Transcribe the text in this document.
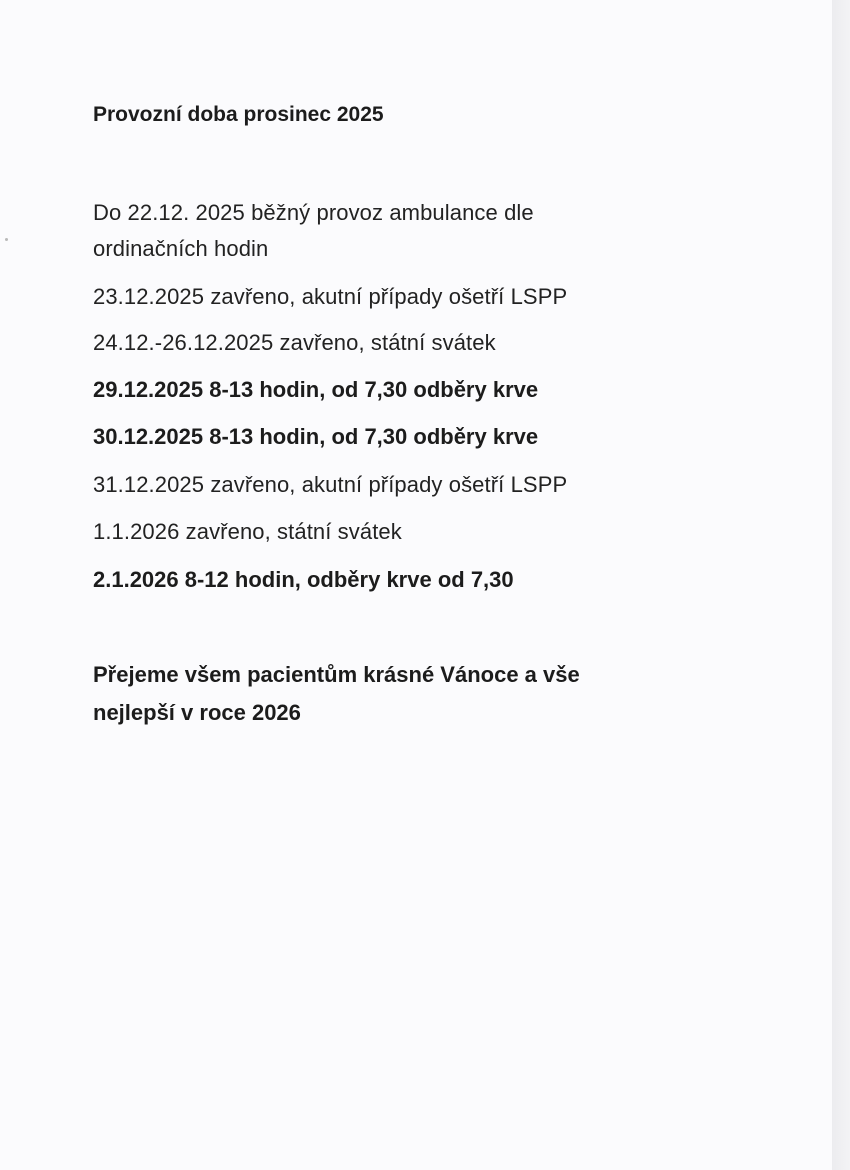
Provozní doba prosinec 2025
Do 22.12. 2025 běžný provoz ambulance dle
ordinačních hodin
23.12.2025 zavřeno, akutní případy ošetří LSPP
24.12.-26.12.2025 zavřeno, státní svátek
29.12.2025 8-13 hodin, od 7,30 odběry krve
30.12.2025 8-13 hodin, od 7,30 odběry krve
31.12.2025 zavřeno, akutní případy ošetří LSPP
1.1.2026 zavřeno, státní svátek
2.1.2026 8-12 hodin, odběry krve od 7,30
Přejeme všem pacientům krásné Vánoce a vše
nejlepší v roce 2026
